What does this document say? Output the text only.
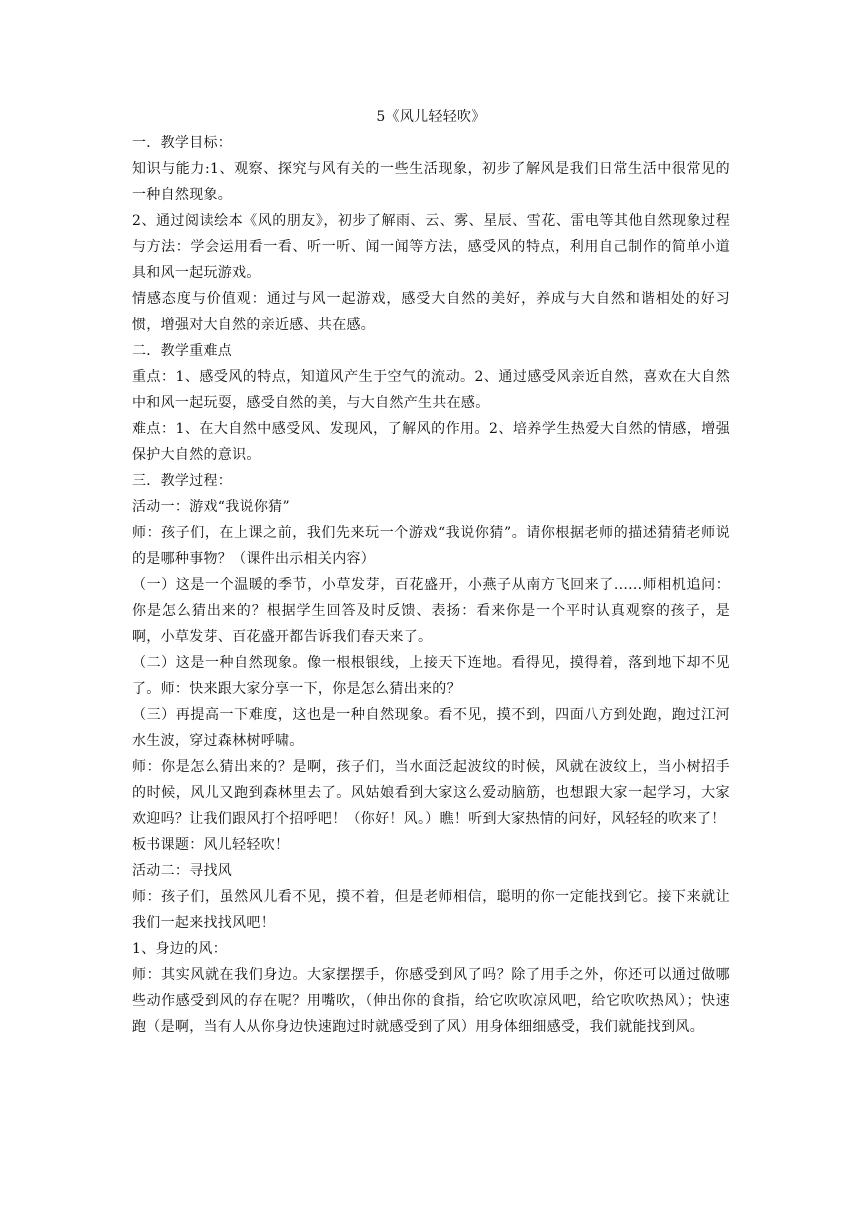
5《风儿轻轻吹》

一．教学目标：

知识与能力:1、观察、探究与风有关的一些生活现象，初步了解风是我们日常生活中很常见的一种自然现象。

2、通过阅读绘本《风的朋友》，初步了解雨、云、雾、星辰、雪花、雷电等其他自然现象过程与方法：学会运用看一看、听一听、闻一闻等方法，感受风的特点，利用自己制作的简单小道具和风一起玩游戏。

情感态度与价值观：通过与风一起游戏，感受大自然的美好，养成与大自然和谐相处的好习惯，增强对大自然的亲近感、共在感。

二．教学重难点

重点：1、感受风的特点，知道风产生于空气的流动。2、通过感受风亲近自然，喜欢在大自然中和风一起玩耍，感受自然的美，与大自然产生共在感。

难点：1、在大自然中感受风、发现风，了解风的作用。2、培养学生热爱大自然的情感，增强保护大自然的意识。

三．教学过程：

活动一：游戏“我说你猜”

师：孩子们，在上课之前，我们先来玩一个游戏“我说你猜”。请你根据老师的描述猜猜老师说的是哪种事物？（课件出示相关内容）

（一）这是一个温暖的季节，小草发芽，百花盛开，小燕子从南方飞回来了......师相机追问：你是怎么猜出来的？根据学生回答及时反馈、表扬：看来你是一个平时认真观察的孩子，是啊，小草发芽、百花盛开都告诉我们春天来了。

（二）这是一种自然现象。像一根根银线，上接天下连地。看得见，摸得着，落到地下却不见了。师：快来跟大家分享一下，你是怎么猜出来的？

（三）再提高一下难度，这也是一种自然现象。看不见，摸不到，四面八方到处跑，跑过江河水生波，穿过森林树呼啸。

师：你是怎么猜出来的？是啊，孩子们，当水面泛起波纹的时候，风就在波纹上，当小树招手的时候，风儿又跑到森林里去了。风姑娘看到大家这么爱动脑筋，也想跟大家一起学习，大家欢迎吗？让我们跟风打个招呼吧！（你好！风。）瞧！听到大家热情的问好，风轻轻的吹来了！

板书课题：风儿轻轻吹！

活动二：寻找风

师：孩子们，虽然风儿看不见，摸不着，但是老师相信，聪明的你一定能找到它。接下来就让我们一起来找找风吧！

1、身边的风：

师：其实风就在我们身边。大家摆摆手，你感受到风了吗？除了用手之外，你还可以通过做哪些动作感受到风的存在呢？用嘴吹，（伸出你的食指，给它吹吹凉风吧，给它吹吹热风）；快速跑（是啊，当有人从你身边快速跑过时就感受到了风）用身体细细感受，我们就能找到风。
